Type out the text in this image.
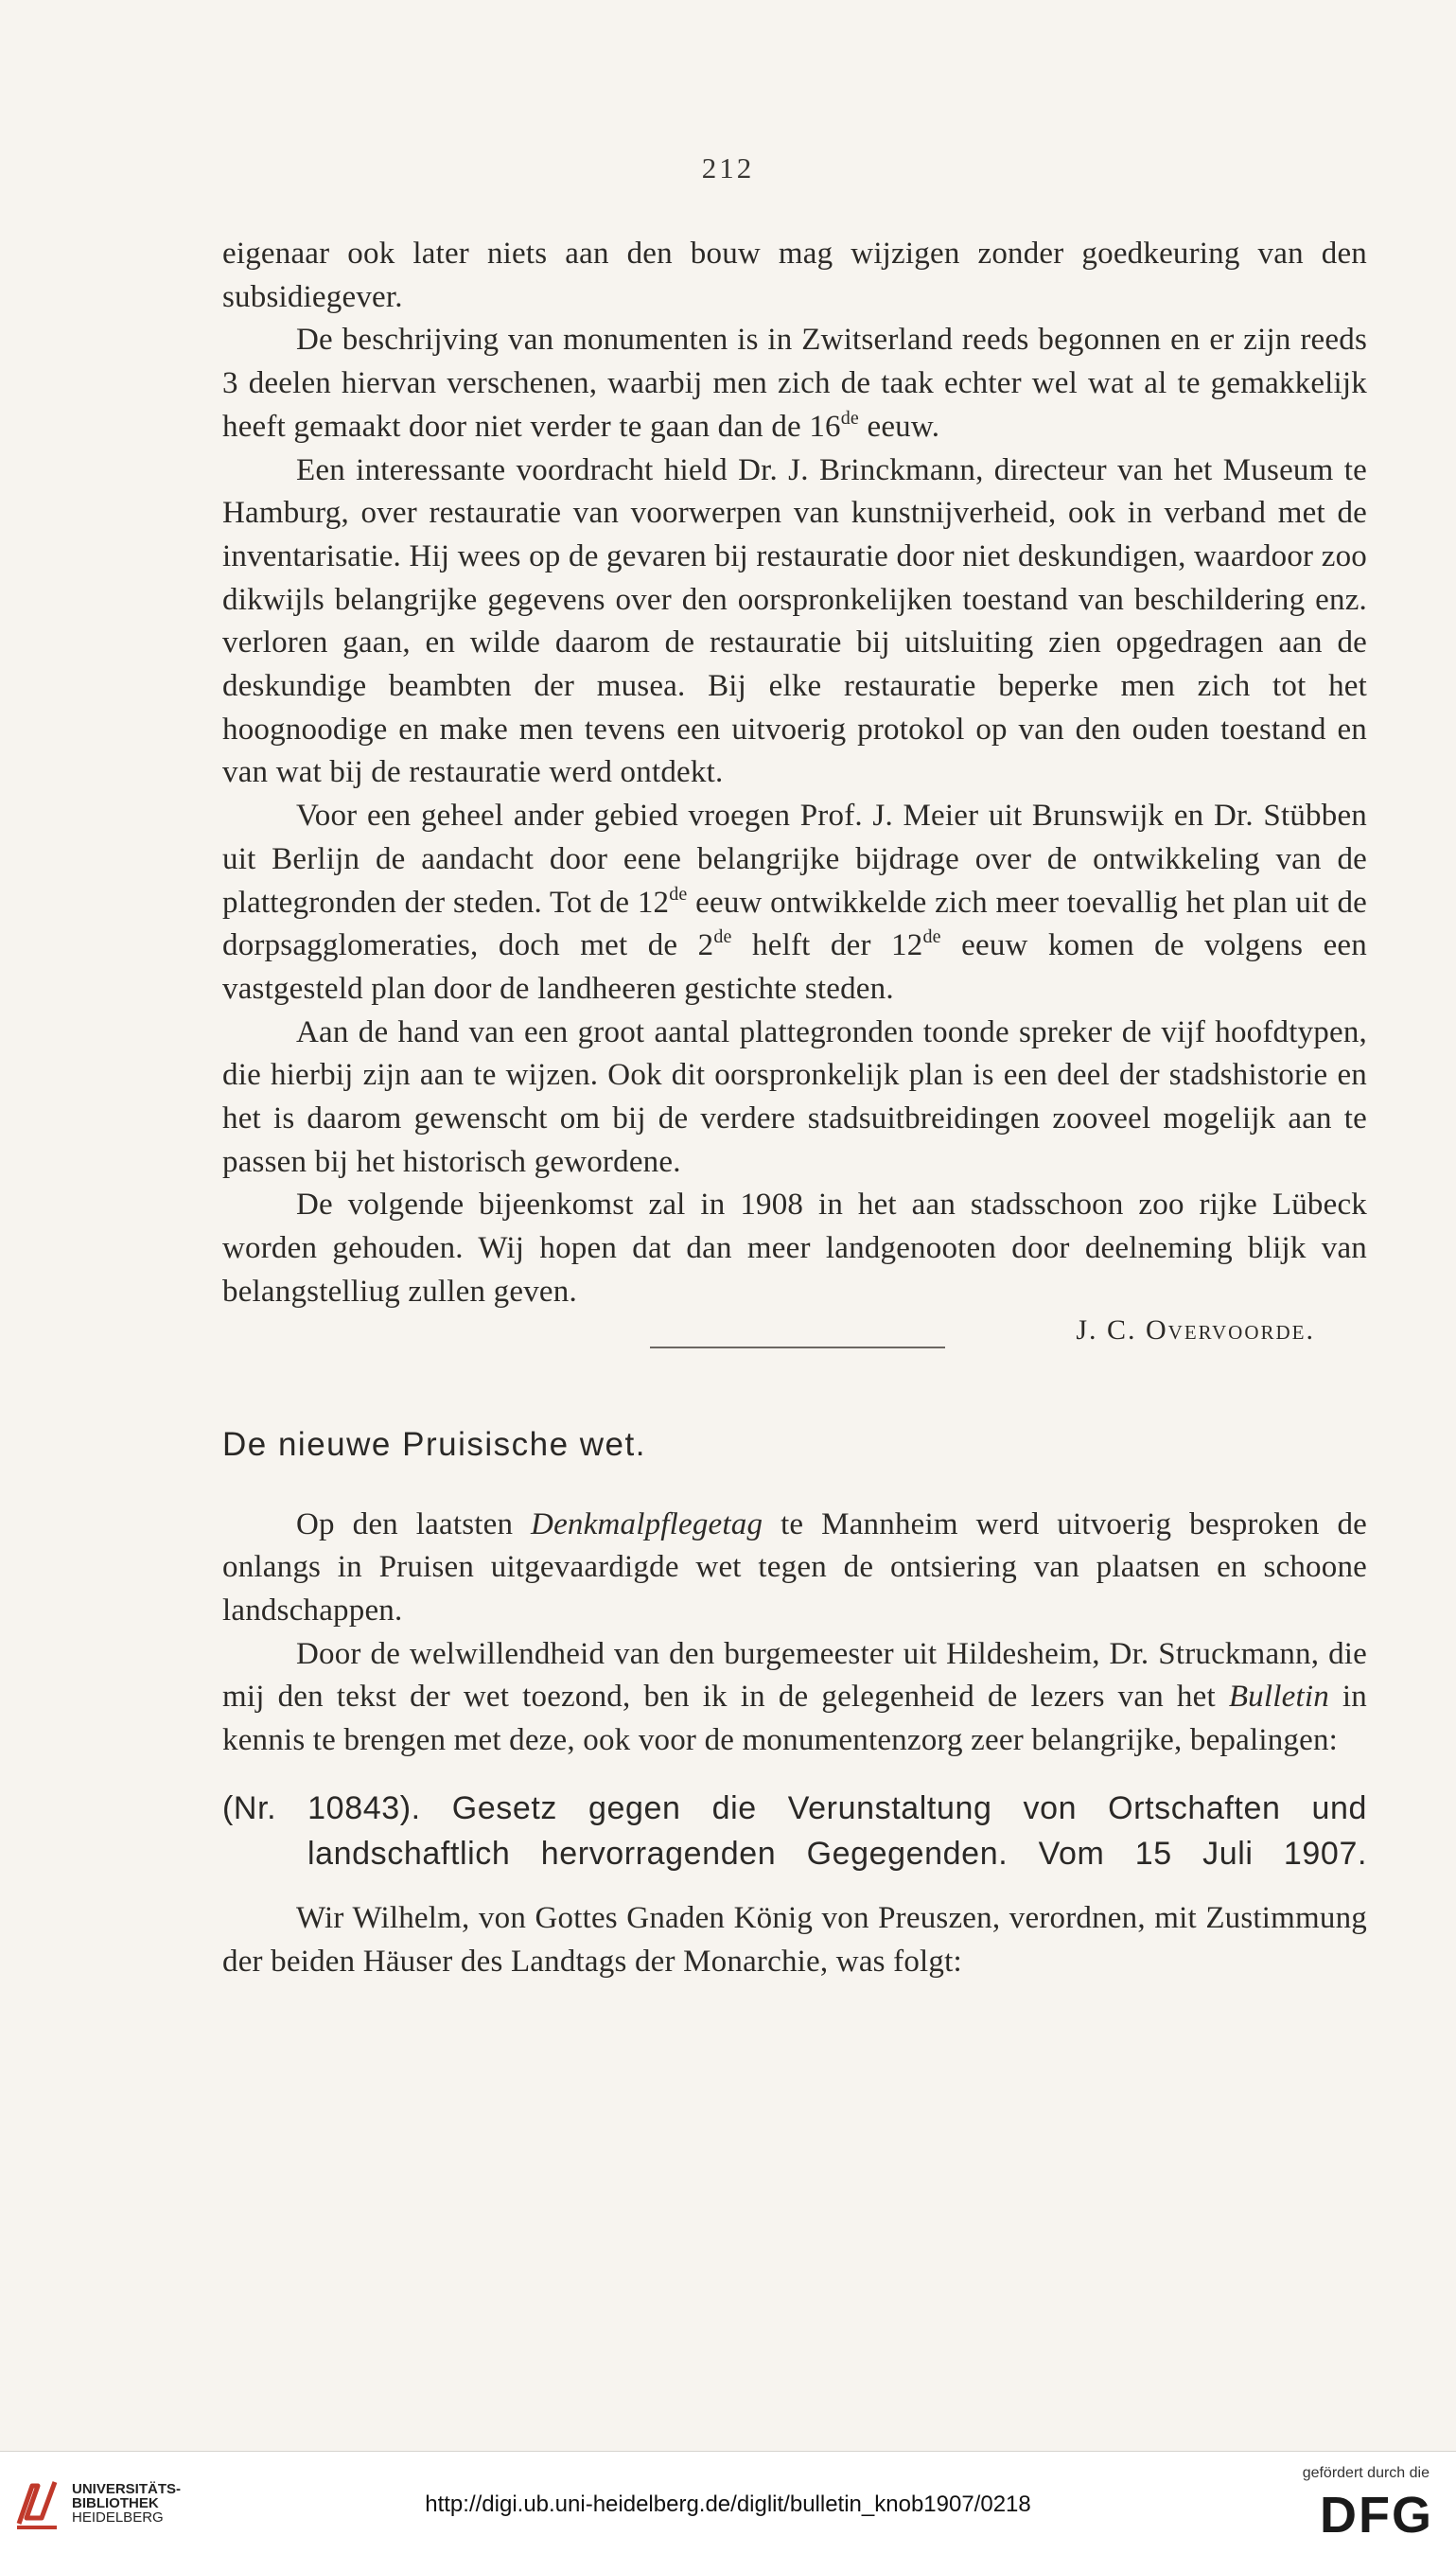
212

eigenaar ook later niets aan den bouw mag wijzigen zonder goedkeuring van den subsidiegever.

De beschrijving van monumenten is in Zwitserland reeds begonnen en er zijn reeds 3 deelen hiervan verschenen, waarbij men zich de taak echter wel wat al te gemakkelijk heeft gemaakt door niet verder te gaan dan de 16de eeuw.

Een interessante voordracht hield Dr. J. Brinckmann, directeur van het Museum te Hamburg, over restauratie van voorwerpen van kunstnijverheid, ook in verband met de inventarisatie. Hij wees op de gevaren bij restauratie door niet deskundigen, waardoor zoo dikwijls belangrijke gegevens over den oorspronkelijken toestand van beschildering enz. verloren gaan, en wilde daarom de restauratie bij uitsluiting zien opgedragen aan de deskundige beambten der musea. Bij elke restauratie beperke men zich tot het hoognoodige en make men tevens een uitvoerig protokol op van den ouden toestand en van wat bij de restauratie werd ontdekt.

Voor een geheel ander gebied vroegen Prof. J. Meier uit Brunswijk en Dr. Stübben uit Berlijn de aandacht door eene belangrijke bijdrage over de ontwikkeling van de plattegronden der steden. Tot de 12de eeuw ontwikkelde zich meer toevallig het plan uit de dorpsagglomeraties, doch met de 2de helft der 12de eeuw komen de volgens een vastgesteld plan door de landheeren gestichte steden.

Aan de hand van een groot aantal plattegronden toonde spreker de vijf hoofdtypen, die hierbij zijn aan te wijzen. Ook dit oorspronkelijk plan is een deel der stadshistorie en het is daarom gewenscht om bij de verdere stadsuitbreidingen zooveel mogelijk aan te passen bij het historisch gewordene.

De volgende bijeenkomst zal in 1908 in het aan stadsschoon zoo rijke Lübeck worden gehouden. Wij hopen dat dan meer landgenooten door deelneming blijk van belangstelliug zullen geven.

J. C. Overvoorde.
De nieuwe Pruisische wet.

Op den laatsten Denkmalpflegetag te Mannheim werd uitvoerig besproken de onlangs in Pruisen uitgevaardigde wet tegen de ontsiering van plaatsen en schoone landschappen.

Door de welwillendheid van den burgemeester uit Hildesheim, Dr. Struckmann, die mij den tekst der wet toezond, ben ik in de gelegenheid de lezers van het Bulletin in kennis te brengen met deze, ook voor de monumentenzorg zeer belangrijke, bepalingen:

(Nr. 10843). Gesetz gegen die Verunstaltung von Ortschaften und
landschaftlich hervorragenden Gegegenden. Vom 15 Juli 1907.

Wir Wilhelm, von Gottes Gnaden König von Preuszen, verordnen, mit Zustimmung der beiden Häuser des Landtags der Monarchie, was folgt:

UNIVERSITÄTS-
BIBLIOTHEK
HEIDELBERG
http://digi.ub.uni-heidelberg.de/diglit/bulletin_knob1907/0218
gefördert durch die
DFG
